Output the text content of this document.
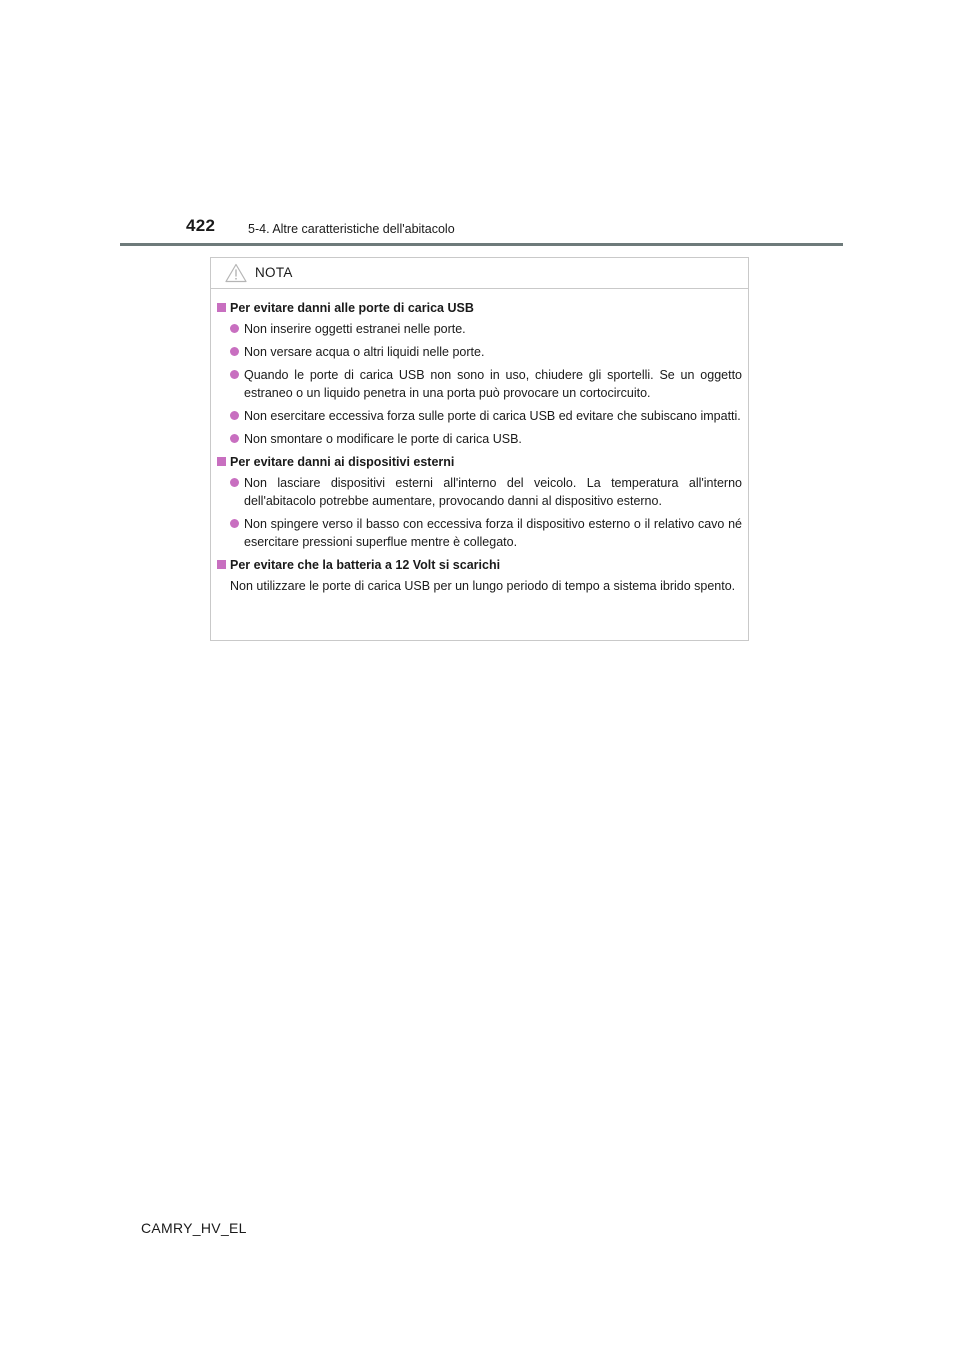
422	5-4. Altre caratteristiche dell'abitacolo
NOTA
Per evitare danni alle porte di carica USB
Non inserire oggetti estranei nelle porte.
Non versare acqua o altri liquidi nelle porte.
Quando le porte di carica USB non sono in uso, chiudere gli sportelli. Se un oggetto estraneo o un liquido penetra in una porta può provocare un cortocircuito.
Non esercitare eccessiva forza sulle porte di carica USB ed evitare che subiscano impatti.
Non smontare o modificare le porte di carica USB.
Per evitare danni ai dispositivi esterni
Non lasciare dispositivi esterni all'interno del veicolo. La temperatura all'interno dell'abitacolo potrebbe aumentare, provocando danni al dispositivo esterno.
Non spingere verso il basso con eccessiva forza il dispositivo esterno o il relativo cavo né esercitare pressioni superflue mentre è collegato.
Per evitare che la batteria a 12 Volt si scarichi
Non utilizzare le porte di carica USB per un lungo periodo di tempo a sistema ibrido spento.
CAMRY_HV_EL
